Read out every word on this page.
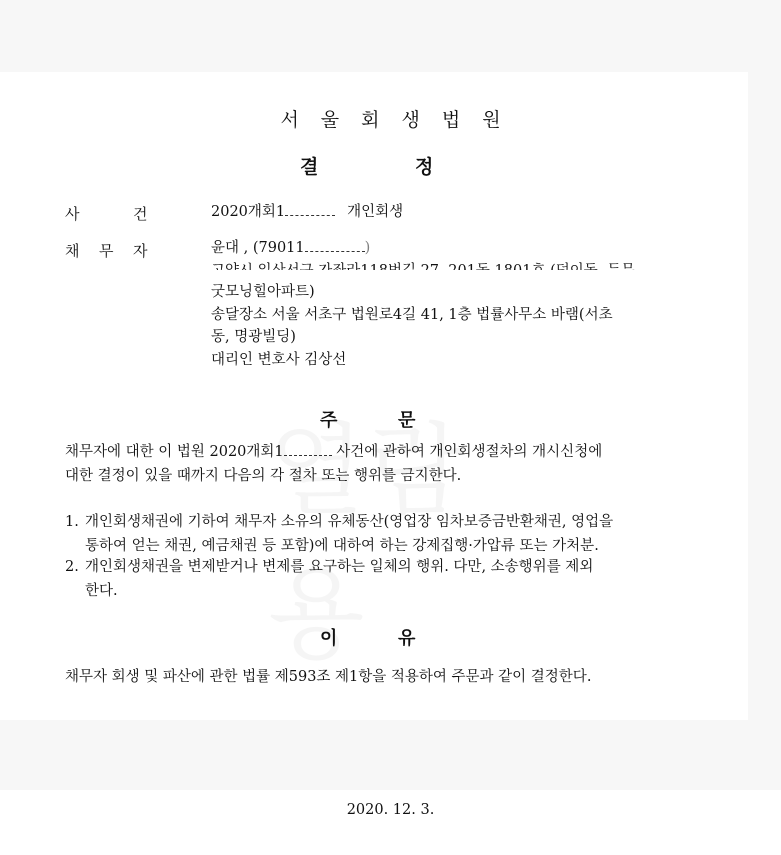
서울회생법원
결	정
사	건	2020개회1	개인회생
채 무 자	윤대 , (79011	)
굿모닝힐아파트)
송달장소 서울 서초구 법원로4길 41, 1층 법률사무소 바램(서초
동, 명광빌딩)
대리인 변호사 김상선
주	문
채무자에 대한 이 법원 2020개회1	사건에 관하여 개인회생절차의 개시신청에
대한 결정이 있을 때까지 다음의 각 절차 또는 행위를 금지한다.
1. 개인회생채권에 기하여 채무자 소유의 유체동산(영업장 임차보증금반환채권, 영업을
통하여 얻는 채권, 예금채권 등 포함)에 대하여 하는 강제집행·가압류 또는 가처분.
2. 개인회생채권을 변제받거나 변제를 요구하는 일체의 행위. 다만, 소송행위를 제외
한다.
이	유
채무자 회생 및 파산에 관한 법률 제593조 제1항을 적용하여 주문과 같이 결정한다.
2020. 12. 3.
